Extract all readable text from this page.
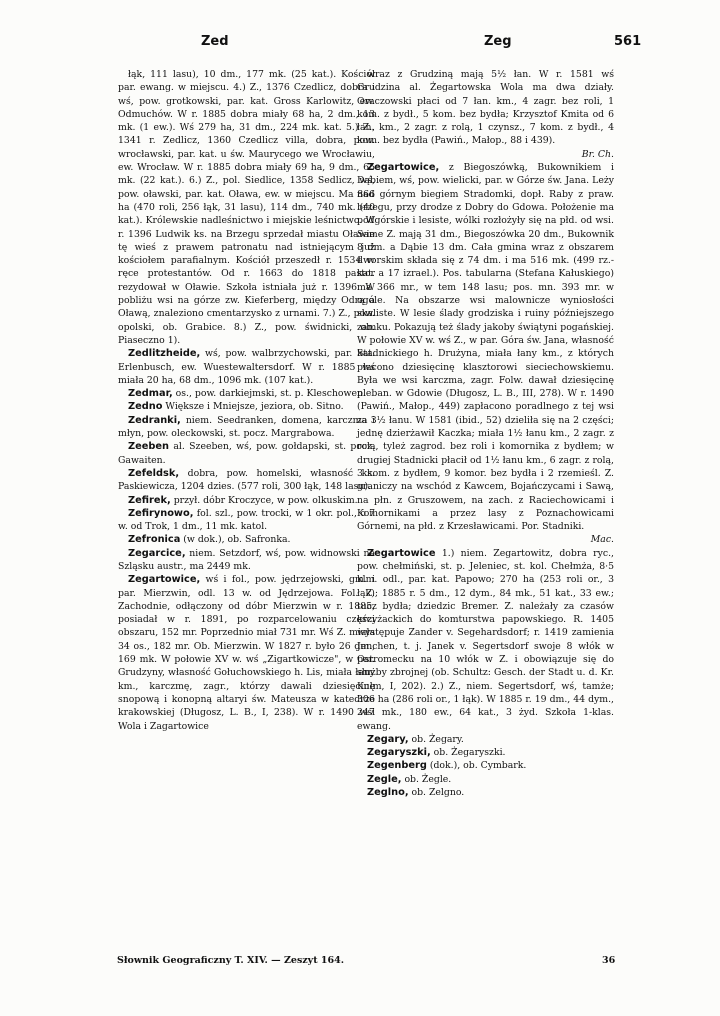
Zed	Zeg	561

łąk, 111 lasu), 10 dm., 177 mk. (25 kat.). Kościół par. ewang. w miejscu. 4.) Z., 1376 Czedlicz, dobra i wś, pow. grotkowski, par. kat. Gross Karlowitz, ew. Odmuchów. W r. 1885 dobra miały 68 ha, 2 dm., 13 mk. (1 ew.). Wś 279 ha, 31 dm., 224 mk. kat. 5.) Z., 1341 r. Zedlicz, 1360 Czedlicz villa, dobra, pow. wrocławski, par. kat. u św. Maurycego we Wrocławiu, ew. Wrocław. W r. 1885 dobra miały 69 ha, 9 dm., 65 mk. (22 kat.). 6.) Z., pol. Siedlice, 1358 Sedlicz, wś, pow. oławski, par. kat. Oława, ew. w miejscu. Ma 866 ha (470 roli, 256 łąk, 31 lasu), 114 dm., 740 mk. (40 kat.). Królewskie nadleśnictwo i miejskie leśnictwo. W r. 1396 Ludwik ks. na Brzegu sprzedał miastu Oławie tę wieś z prawem patronatu nad istniejącym już kościołem parafialnym. Kościół przeszedł r. 1534 w ręce protestantów. Od r. 1663 do 1818 pastor rezydował w Oławie. Szkoła istniała już r. 1396. W pobliżu wsi na górze zw. Kieferberg, między Odrą a Oławą, znaleziono cmentarzysko z urnami. 7.) Z., pow. opolski, ob. Grabice. 8.) Z., pow. świdnicki, ob. Piaseczno 1).

Zedlitzheide, wś, pow. walbrzychowski, par. kat. Erlenbusch, ew. Wuestewaltersdorf. W r. 1885 wś miała 20 ha, 68 dm., 1096 mk. (107 kat.).

Zedmar, os., pow. darkiejmski, st. p. Kleschowen.

Zedno Większe i Mniejsze, jeziora, ob. Sitno.

Zedranki, niem. Seedranken, domena, karczma i młyn, pow. oleckowski, st. pocz. Margrabowa.

Zeeben al. Szeeben, wś, pow. gołdapski, st. pocz. Gawaiten.

Zefeldsk, dobra, pow. homelski, własność ks. Paskiewicza, 1204 dzies. (577 roli, 300 łąk, 148 lasu).

Zefirek, przył. dóbr Kroczyce, w pow. olkuskim.

Zefirynowo, fol. szl., pow. trocki, w 1 okr. pol., o 7 w. od Trok, 1 dm., 11 mk. katol.

Zefronica (w dok.), ob. Safronka.

Zegarcice, niem. Setzdorf, wś, pow. widnowski na Szląsku austr., ma 2449 mk.

Zegartowice, wś i fol., pow. jędrzejowski, gm. i par. Mierzwin, odl. 13 w. od Jędrzejowa. Fol. Z. Zachodnie, odłączony od dóbr Mierzwin w r. 1885, posiadał w r. 1891, po rozparcelowaniu części obszaru, 152 mr. Poprzednio miał 731 mr. Wś Z. miała 34 os., 182 mr. Ob. Mierzwin. W 1827 r. było 26 dm., 169 mk. W połowie XV w. wś „Zigartkowicze", w par. Grudzyny, własność Gołuchowskiego h. Lis, miała łany km., karczmę, zagr., którzy dawali dziesięcinę snopową i konopną altaryi św. Mateusza w katedrze krakowskiej (Długosz, L. B., I, 238). W r. 1490 wsi Wola i Zagartowice

wraz z Grudziną mają 5½ łan. W r. 1581 wś Grudzina al. Żegartowska Wola ma dwa działy. Oraczowski płaci od 7 łan. km., 4 zagr. bez roli, 1 kom. z bydł., 5 kom. bez bydła; Krzysztof Kmita od 6 łan. km., 2 zagr. z rolą, 1 czynsz., 7 kom. z bydł., 4 kom. bez bydła (Pawiń., Małop., 88 i 439).
Br. Ch.

Zegartowice, z Biegoszówką, Bukownikiem i Dąbiem, wś, pow. wielicki, par. w Górze św. Jana. Leży nad górnym biegiem Stradomki, dopł. Raby z praw. brzegu, przy drodze z Dobry do Gdowa. Położenie ma podgórskie i lesiste, wólki rozłożyły się na płd. od wsi. Same Z. mają 31 dm., Biegoszówka 20 dm., Bukownik 8 dm. a Dąbie 13 dm. Cała gmina wraz z obszarem dworskim składa się z 74 dm. i ma 516 mk. (499 rz.-kat. a 17 izrael.). Pos. tabularna (Stefana Kałuskiego) ma 366 mr., w tem 148 lasu; pos. mn. 393 mr. w ogóle. Na obszarze wsi malownicze wyniosłości skaliste. W lesie ślady grodziska i ruiny późniejszego zamku. Pokazują też ślady jakoby świątyni pogańskiej. W połowie XV w. wś Z., w par. Góra św. Jana, własność Stadnickiego h. Drużyna, miała łany km., z których płacono dziesięcinę klasztorowi sieciechowskiemu. Była we wsi karczma, zagr. Folw. dawał dziesięcinę pleban. w Gdowie (Długosz, L. B., III, 278). W r. 1490 (Pawiń., Małop., 449) zapłacono poradlnego z tej wsi za 3½ łanu. W 1581 (ibid., 52) dzieliła się na 2 części; jednę dzierżawił Kaczka; miała 1½ łanu km., 2 zagr. z rolą, tyleż zagrod. bez roli i komornika z bydłem; w drugiej Stadnicki płacił od 1½ łanu km., 6 zagr. z rolą, 3 kom. z bydłem, 9 komor. bez bydła i 2 rzemieśl. Z. graniczy na wschód z Kawcem, Bojańczycami i Sawą, na płn. z Gruszowem, na zach. z Raciechowicami i Komornikami a przez lasy z Poznachowicami Górnemi, na płd. z Krzesławicami. Por. Stadniki.
Mac.

Zegartowice 1.) niem. Zegartowitz, dobra ryc., pow. chełmiński, st. p. Jeleniec, st. kol. Chełmża, 8·5 klm. odl., par. kat. Papowo; 270 ha (253 roli or., 3 łąk); 1885 r. 5 dm., 12 dym., 84 mk., 51 kat., 33 ew.; tucz bydła; dziedzic Bremer. Z. należały za czasów krzyżackich do komturstwa papowskiego. R. 1405 występuje Zander v. Segehardsdorf; r. 1419 zamienia Jenchen, t. j. Janek v. Segertsdorf swoje 8 włók w Ostromecku na 10 włók w Z. i obowiązuje się do służby zbrojnej (ob. Schultz: Gesch. der Stadt u. d. Kr. Kulm, I, 202). 2.) Z., niem. Segertsdorf, wś, tamże; 306 ha (286 roli or., 1 łąk). W 1885 r. 19 dm., 44 dym., 247 mk., 180 ew., 64 kat., 3 żyd. Szkoła 1-klas. ewang.

Zegary, ob. Żegary.

Zegaryszki, ob. Żegaryszki.

Zegenberg (dok.), ob. Cymbark.

Zegle, ob. Żegle.

Zeglno, ob. Zelgno.

Słownik Geograficzny T. XIV. — Zeszyt 164.	36
